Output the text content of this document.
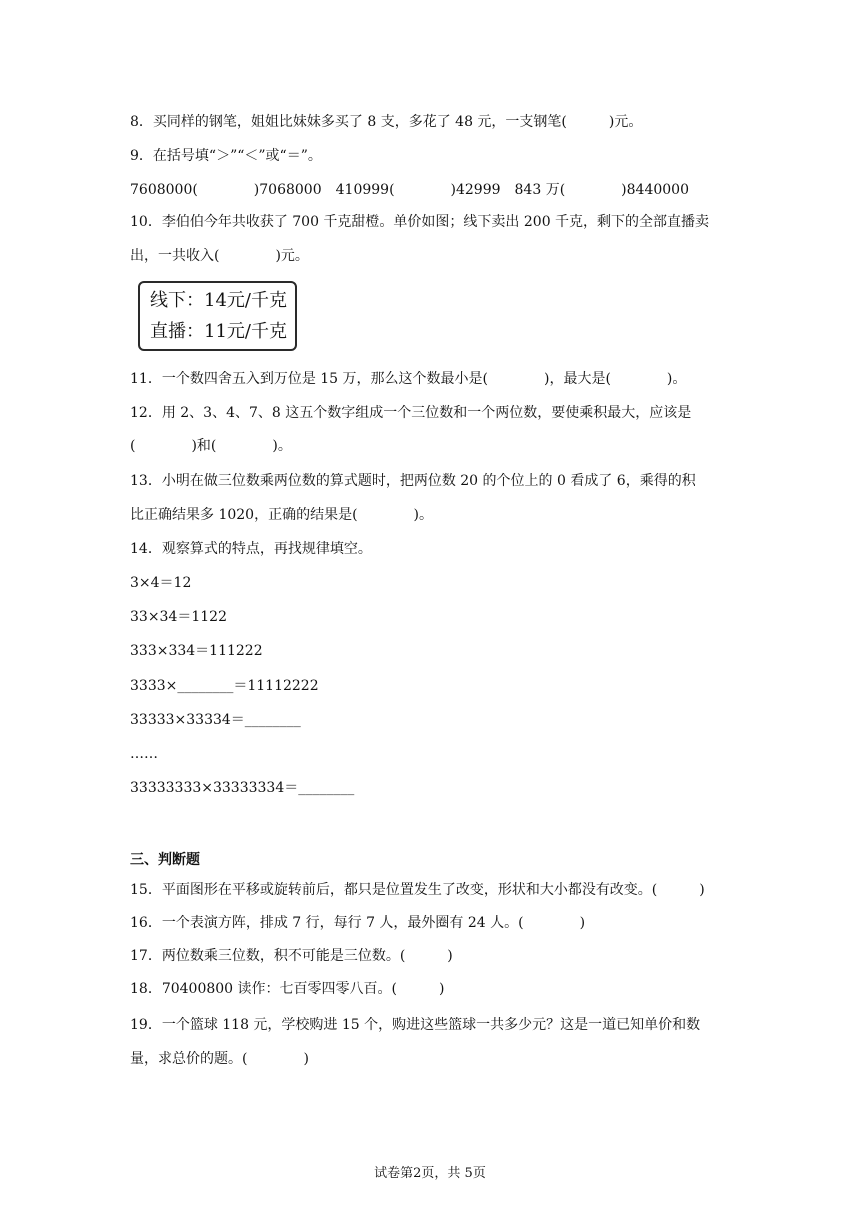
8．买同样的钢笔，姐姐比妹妹多买了 8 支，多花了 48 元，一支钢笔(　　　)元。
9．在括号填“＞”“＜”或“＝”。
7608000(　　　　)7068000　410999(　　　　)42999　843 万(　　　　)8440000
10．李伯伯今年共收获了 700 千克甜橙。单价如图；线下卖出 200 千克，剩下的全部直播卖
出，一共收入(　　　　)元。
线下：14元/千克
直播：11元/千克
11．一个数四舍五入到万位是 15 万，那么这个数最小是(　　　　)，最大是(　　　　)。
12．用 2、3、4、7、8 这五个数字组成一个三位数和一个两位数，要使乘积最大，应该是
(　　　　)和(　　　　)。
13．小明在做三位数乘两位数的算式题时，把两位数 20 的个位上的 0 看成了 6，乘得的积
比正确结果多 1020，正确的结果是(　　　　)。
14．观察算式的特点，再找规律填空。
3×4＝12
33×34＝1122
333×334＝111222
3333×________＝11112222
33333×33334＝________
……
33333333×33333334＝________
三、判断题
15．平面图形在平移或旋转前后，都只是位置发生了改变，形状和大小都没有改变。(　　　)
16．一个表演方阵，排成 7 行，每行 7 人，最外圈有 24 人。(　　　　)
17．两位数乘三位数，积不可能是三位数。(　　　)
18．70400800 读作：七百零四零八百。(　　　)
19．一个篮球 118 元，学校购进 15 个，购进这些篮球一共多少元？这是一道已知单价和数
量，求总价的题。(　　　　)
试卷第2页，共 5页
